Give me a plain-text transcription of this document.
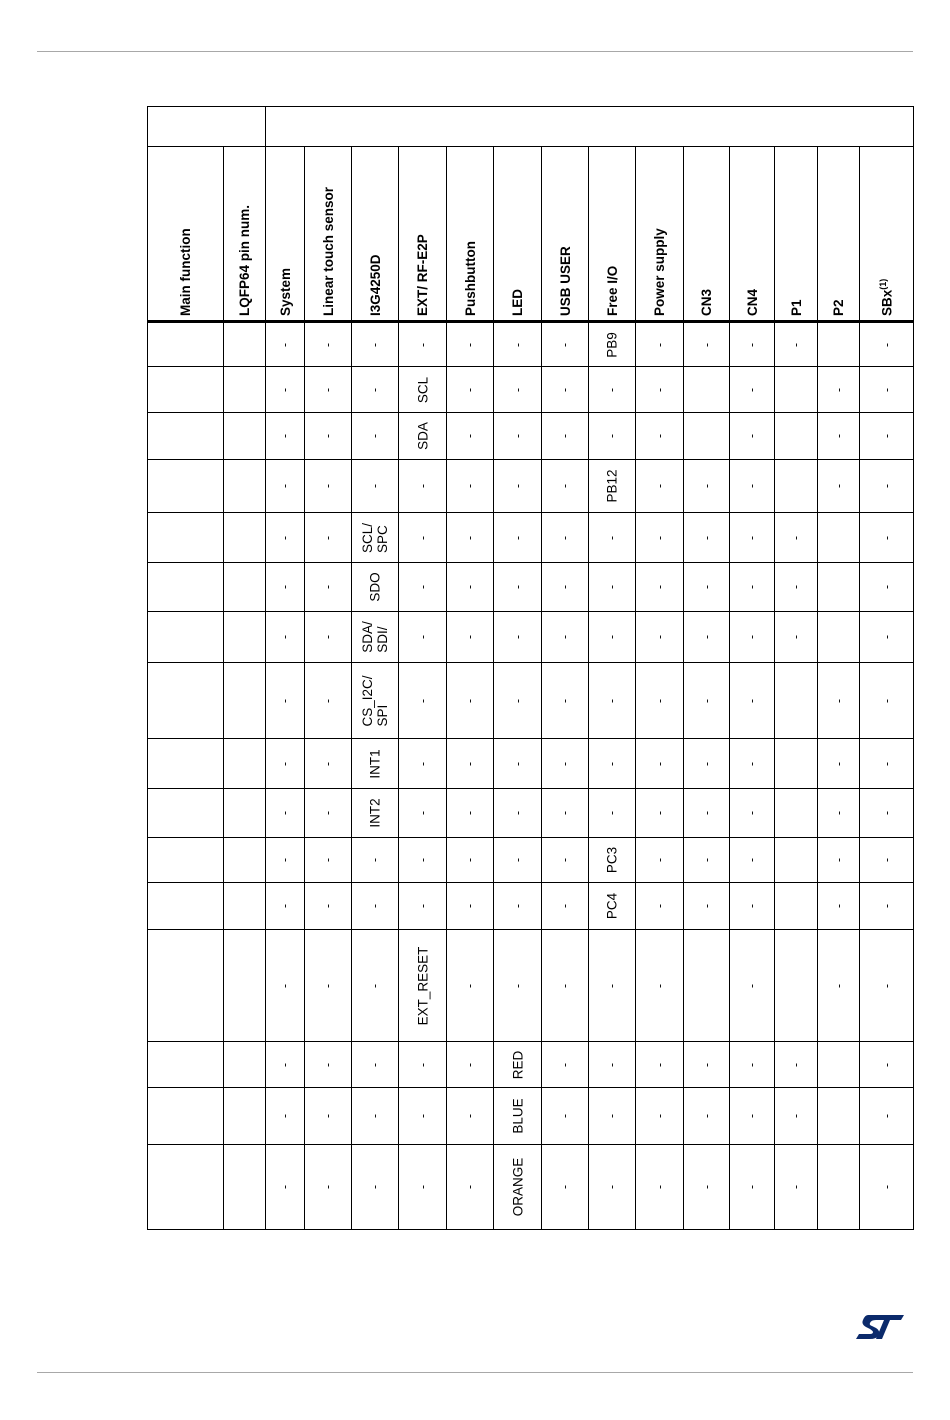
Main function	LQFP64 pin num.	System	Linear touch sensor	I3G4250D	EXT/ RF-E2P	Pushbutton	LED	USB USER	Free I/O	Power supply	CN3	CN4	P1	P2	SBx$^{(1)}$

		-	-	-	-	-	-	-	PB9	-	-	-	-		-

		-	-	-	SCL	-	-	-	-	-		-		-	-

		-	-	-	SDA	-	-	-	-	-		-		-	-

		-	-	-	-	-	-	-	PB12	-	-	-		-	-

		-	-	SCL/
SPC	-	-	-	-	-	-	-	-	-		-

		-	-	SDO	-	-	-	-	-	-	-	-	-		-

		-	-	SDA/
SDI/	-	-	-	-	-	-	-	-	-		-

		-	-	CS_I2C/
SPI	-	-	-	-	-	-	-	-		-	-

		-	-	INT1	-	-	-	-	-	-	-	-		-	-

		-	-	INT2	-	-	-	-	-	-	-	-		-	-

		-	-	-	-	-	-	-	PC3	-	-	-		-	-

		-	-	-	-	-	-	-	PC4	-	-	-		-	-

		-	-	-	EXT_RESET	-	-	-	-	-		-		-	-

		-	-	-	-	-	RED	-	-	-	-	-	-		-

		-	-	-	-	-	BLUE	-	-	-	-	-	-		-

		-	-	-	-	-	ORANGE	-	-	-	-	-	-		-
